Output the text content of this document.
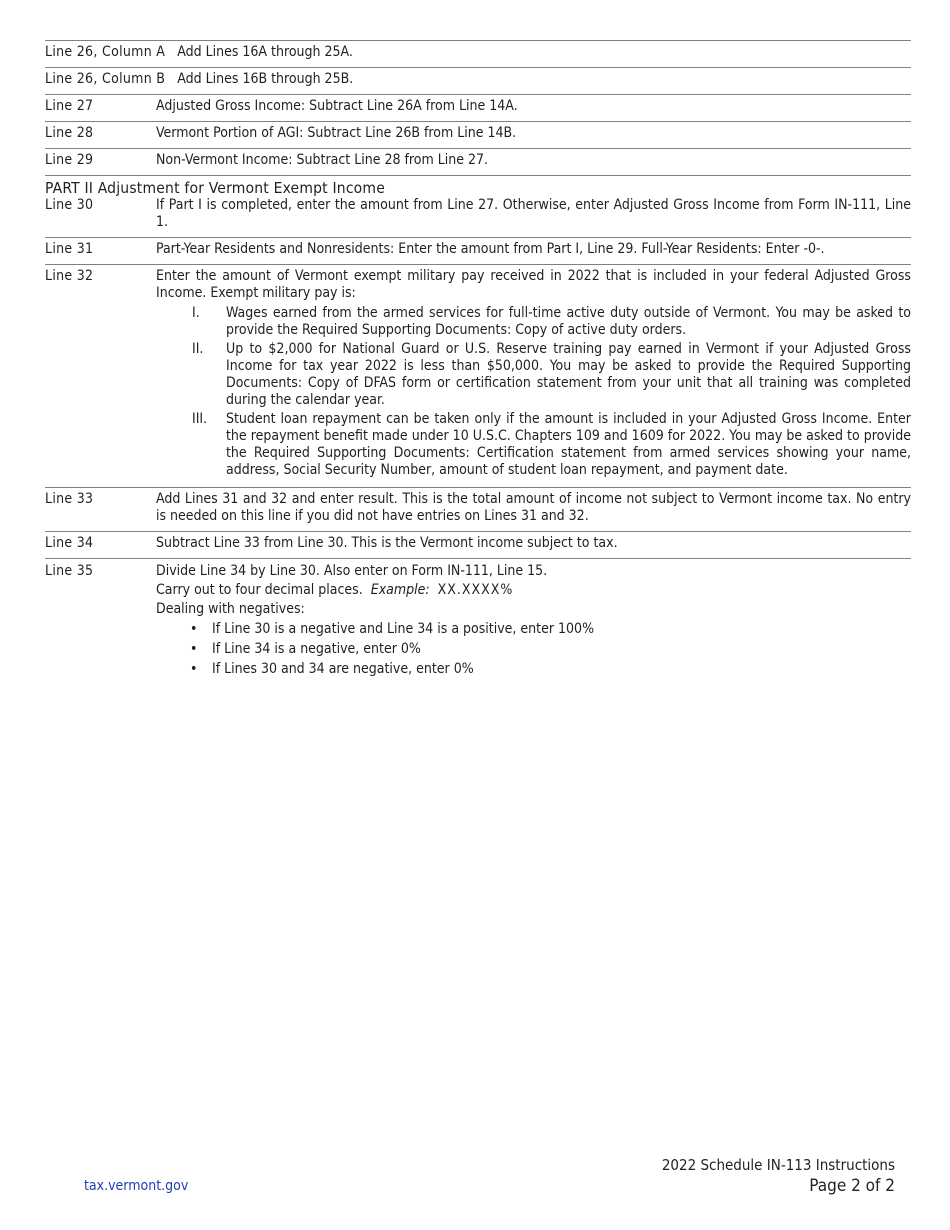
Line 26, Column A Add Lines 16A through 25A.
Line 26, Column B Add Lines 16B through 25B.
Line 27	Adjusted Gross Income: Subtract Line 26A from Line 14A.
Line 28	Vermont Portion of AGI: Subtract Line 26B from Line 14B.
Line 29	Non-Vermont Income: Subtract Line 28 from Line 27.
PART II Adjustment for Vermont Exempt Income
Line 30	If Part I is completed, enter the amount from Line 27. Otherwise, enter Adjusted Gross Income from Form IN-111, Line 1.
Line 31	Part-Year Residents and Nonresidents: Enter the amount from Part I, Line 29. Full-Year Residents: Enter -0-.
Line 32	Enter the amount of Vermont exempt military pay received in 2022 that is included in your federal Adjusted Gross Income. Exempt military pay is:
I.	Wages earned from the armed services for full-time active duty outside of Vermont. You may be asked to provide the Required Supporting Documents: Copy of active duty orders.
II.	Up to $2,000 for National Guard or U.S. Reserve training pay earned in Vermont if your Adjusted Gross Income for tax year 2022 is less than $50,000. You may be asked to provide the Required Supporting Documents: Copy of DFAS form or certification statement from your unit that all training was completed during the calendar year.
III.	Student loan repayment can be taken only if the amount is included in your Adjusted Gross Income. Enter the repayment benefit made under 10 U.S.C. Chapters 109 and 1609 for 2022. You may be asked to provide the Required Supporting Documents: Certification statement from armed services showing your name, address, Social Security Number, amount of student loan repayment, and payment date.
Line 33	Add Lines 31 and 32 and enter result. This is the total amount of income not subject to Vermont income tax. No entry is needed on this line if you did not have entries on Lines 31 and 32.
Line 34	Subtract Line 33 from Line 30. This is the Vermont income subject to tax.
Line 35	Divide Line 34 by Line 30. Also enter on Form IN-111, Line 15.
Carry out to four decimal places. Example: XX.XXXX%
Dealing with negatives:
•	If Line 30 is a negative and Line 34 is a positive, enter 100%
•	If Line 34 is a negative, enter 0%
•	If Lines 30 and 34 are negative, enter 0%
tax.vermont.gov
2022 Schedule IN-113 Instructions
Page 2 of 2
